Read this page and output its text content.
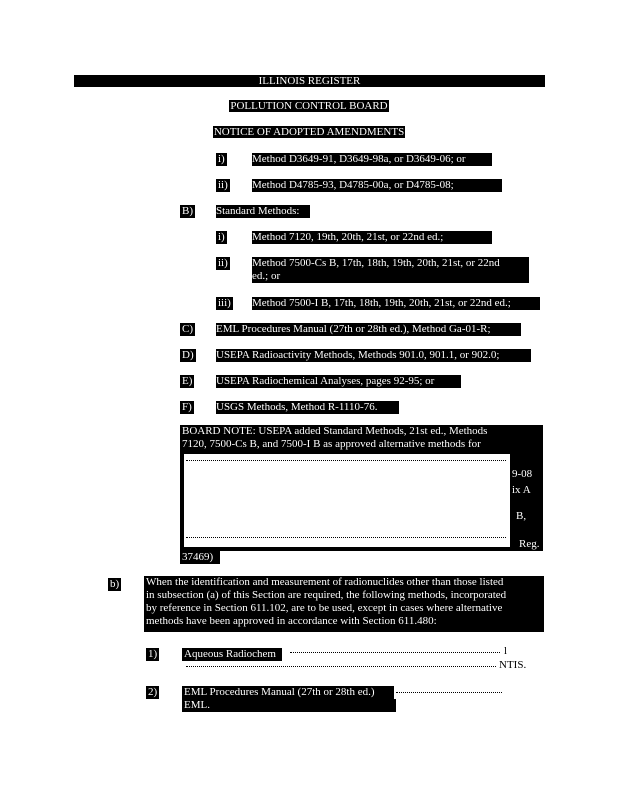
ILLINOIS REGISTER
POLLUTION CONTROL BOARD
NOTICE OF ADOPTED AMENDMENTS
i) Method D3649-91, D3649-98a, or D3649-06; or
ii) Method D4785-93, D4785-00a, or D4785-08;
B) Standard Methods:
i) Method 7120, 19th, 20th, 21st, or 22nd ed.;
ii) Method 7500-Cs B, 17th, 18th, 19th, 20th, 21st, or 22nd
ed.; or
iii) Method 7500-I B, 17th, 18th, 19th, 20th, 21st, or 22nd ed.;
C) EML Procedures Manual (27th or 28th ed.), Method Ga-01-R;
D) USEPA Radioactivity Methods, Methods 901.0, 901.1, or 902.0;
E) USEPA Radiochemical Analyses, pages 92-95; or
F) USGS Methods, Method R-1110-76.
BOARD NOTE: USEPA added Standard Methods, 21st ed., Methods
7120, 7500-Cs B, and 7500-I B as approved alternative methods for
9-08
ix A
B,
Reg.
37469)
b) When the identification and measurement of radionuclides other than those listed
in subsection (a) of this Section are required, the following methods, incorporated
by reference in Section 611.102, are to be used, except in cases where alternative
methods have been approved in accordance with Section 611.480:
1) Aqueous Radiochem	l
NTIS.
2) EML Procedures Manual (27th or 28th ed.)
EML.
